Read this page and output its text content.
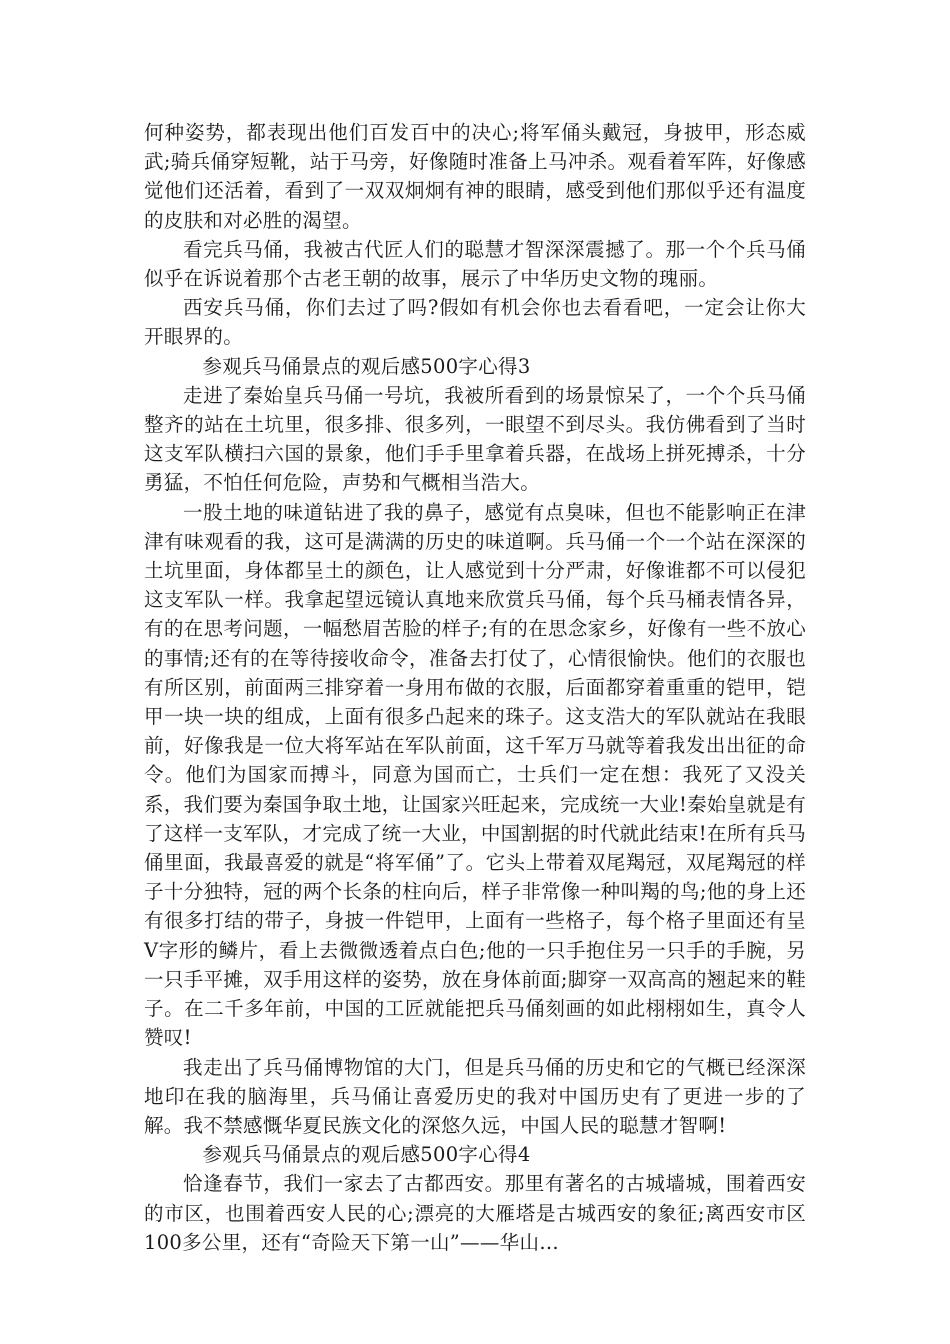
何种姿势，都表现出他们百发百中的决心;将军俑头戴冠，身披甲，形态威武;骑兵俑穿短靴，站于马旁，好像随时准备上马冲杀。观看着军阵，好像感觉他们还活着，看到了一双双炯炯有神的眼睛，感受到他们那似乎还有温度的皮肤和对必胜的渴望。

看完兵马俑，我被古代匠人们的聪慧才智深深震撼了。那一个个兵马俑似乎在诉说着那个古老王朝的故事，展示了中华历史文物的瑰丽。

西安兵马俑，你们去过了吗?假如有机会你也去看看吧，一定会让你大开眼界的。

参观兵马俑景点的观后感500字心得3

走进了秦始皇兵马俑一号坑，我被所看到的场景惊呆了，一个个兵马俑整齐的站在土坑里，很多排、很多列，一眼望不到尽头。我仿佛看到了当时这支军队横扫六国的景象，他们手手里拿着兵器，在战场上拼死搏杀，十分勇猛，不怕任何危险，声势和气概相当浩大。

一股土地的味道钻进了我的鼻子，感觉有点臭味，但也不能影响正在津津有味观看的我，这可是满满的历史的味道啊。兵马俑一个一个站在深深的土坑里面，身体都呈土的颜色，让人感觉到十分严肃，好像谁都不可以侵犯这支军队一样。我拿起望远镜认真地来欣赏兵马俑，每个兵马桶表情各异，有的在思考问题，一幅愁眉苦脸的样子;有的在思念家乡，好像有一些不放心的事情;还有的在等待接收命令，准备去打仗了，心情很愉快。他们的衣服也有所区别，前面两三排穿着一身用布做的衣服，后面都穿着重重的铠甲，铠甲一块一块的组成，上面有很多凸起来的珠子。这支浩大的军队就站在我眼前，好像我是一位大将军站在军队前面，这千军万马就等着我发出出征的命令。他们为国家而搏斗，同意为国而亡，士兵们一定在想：我死了又没关系，我们要为秦国争取土地，让国家兴旺起来，完成统一大业!秦始皇就是有了这样一支军队，才完成了统一大业，中国割据的时代就此结束!在所有兵马俑里面，我最喜爱的就是“将军俑”了。它头上带着双尾羯冠，双尾羯冠的样子十分独特，冠的两个长条的柱向后，样子非常像一种叫羯的鸟;他的身上还有很多打结的带子，身披一件铠甲，上面有一些格子，每个格子里面还有呈V字形的鳞片，看上去微微透着点白色;他的一只手抱住另一只手的手腕，另一只手平摊，双手用这样的姿势，放在身体前面;脚穿一双高高的翘起来的鞋子。在二千多年前，中国的工匠就能把兵马俑刻画的如此栩栩如生，真令人赞叹!

我走出了兵马俑博物馆的大门，但是兵马俑的历史和它的气概已经深深地印在我的脑海里，兵马俑让喜爱历史的我对中国历史有了更进一步的了解。我不禁感慨华夏民族文化的深悠久远，中国人民的聪慧才智啊!

参观兵马俑景点的观后感500字心得4

恰逢春节，我们一家去了古都西安。那里有著名的古城墙城，围着西安的市区，也围着西安人民的心;漂亮的大雁塔是古城西安的象征;离西安市区100多公里，还有“奇险天下第一山”——华山…
